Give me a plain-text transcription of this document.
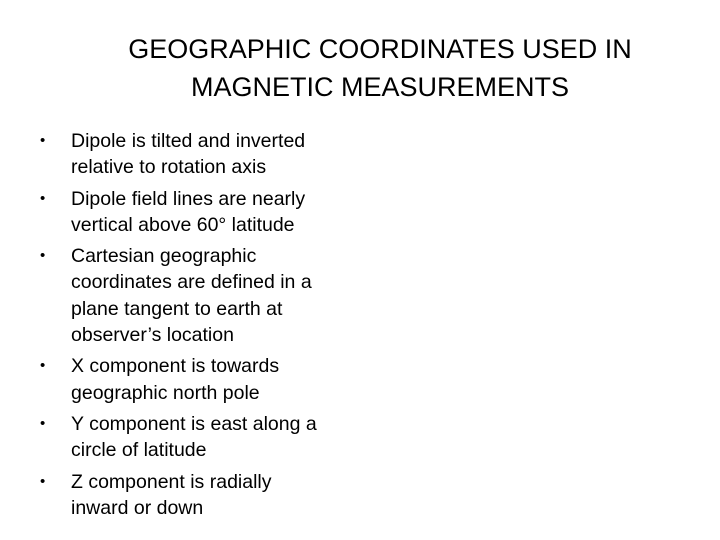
GEOGRAPHIC COORDINATES USED IN
MAGNETIC MEASUREMENTS
•	Dipole is tilted and inverted
relative to rotation axis
•	Dipole field lines are nearly
vertical above 60° latitude
•	Cartesian geographic
coordinates are defined in a
plane tangent to earth at
observer’s location
•	X component is towards
geographic north pole
•	Y component is east along a
circle of latitude
•	Z component is radially
inward or down
